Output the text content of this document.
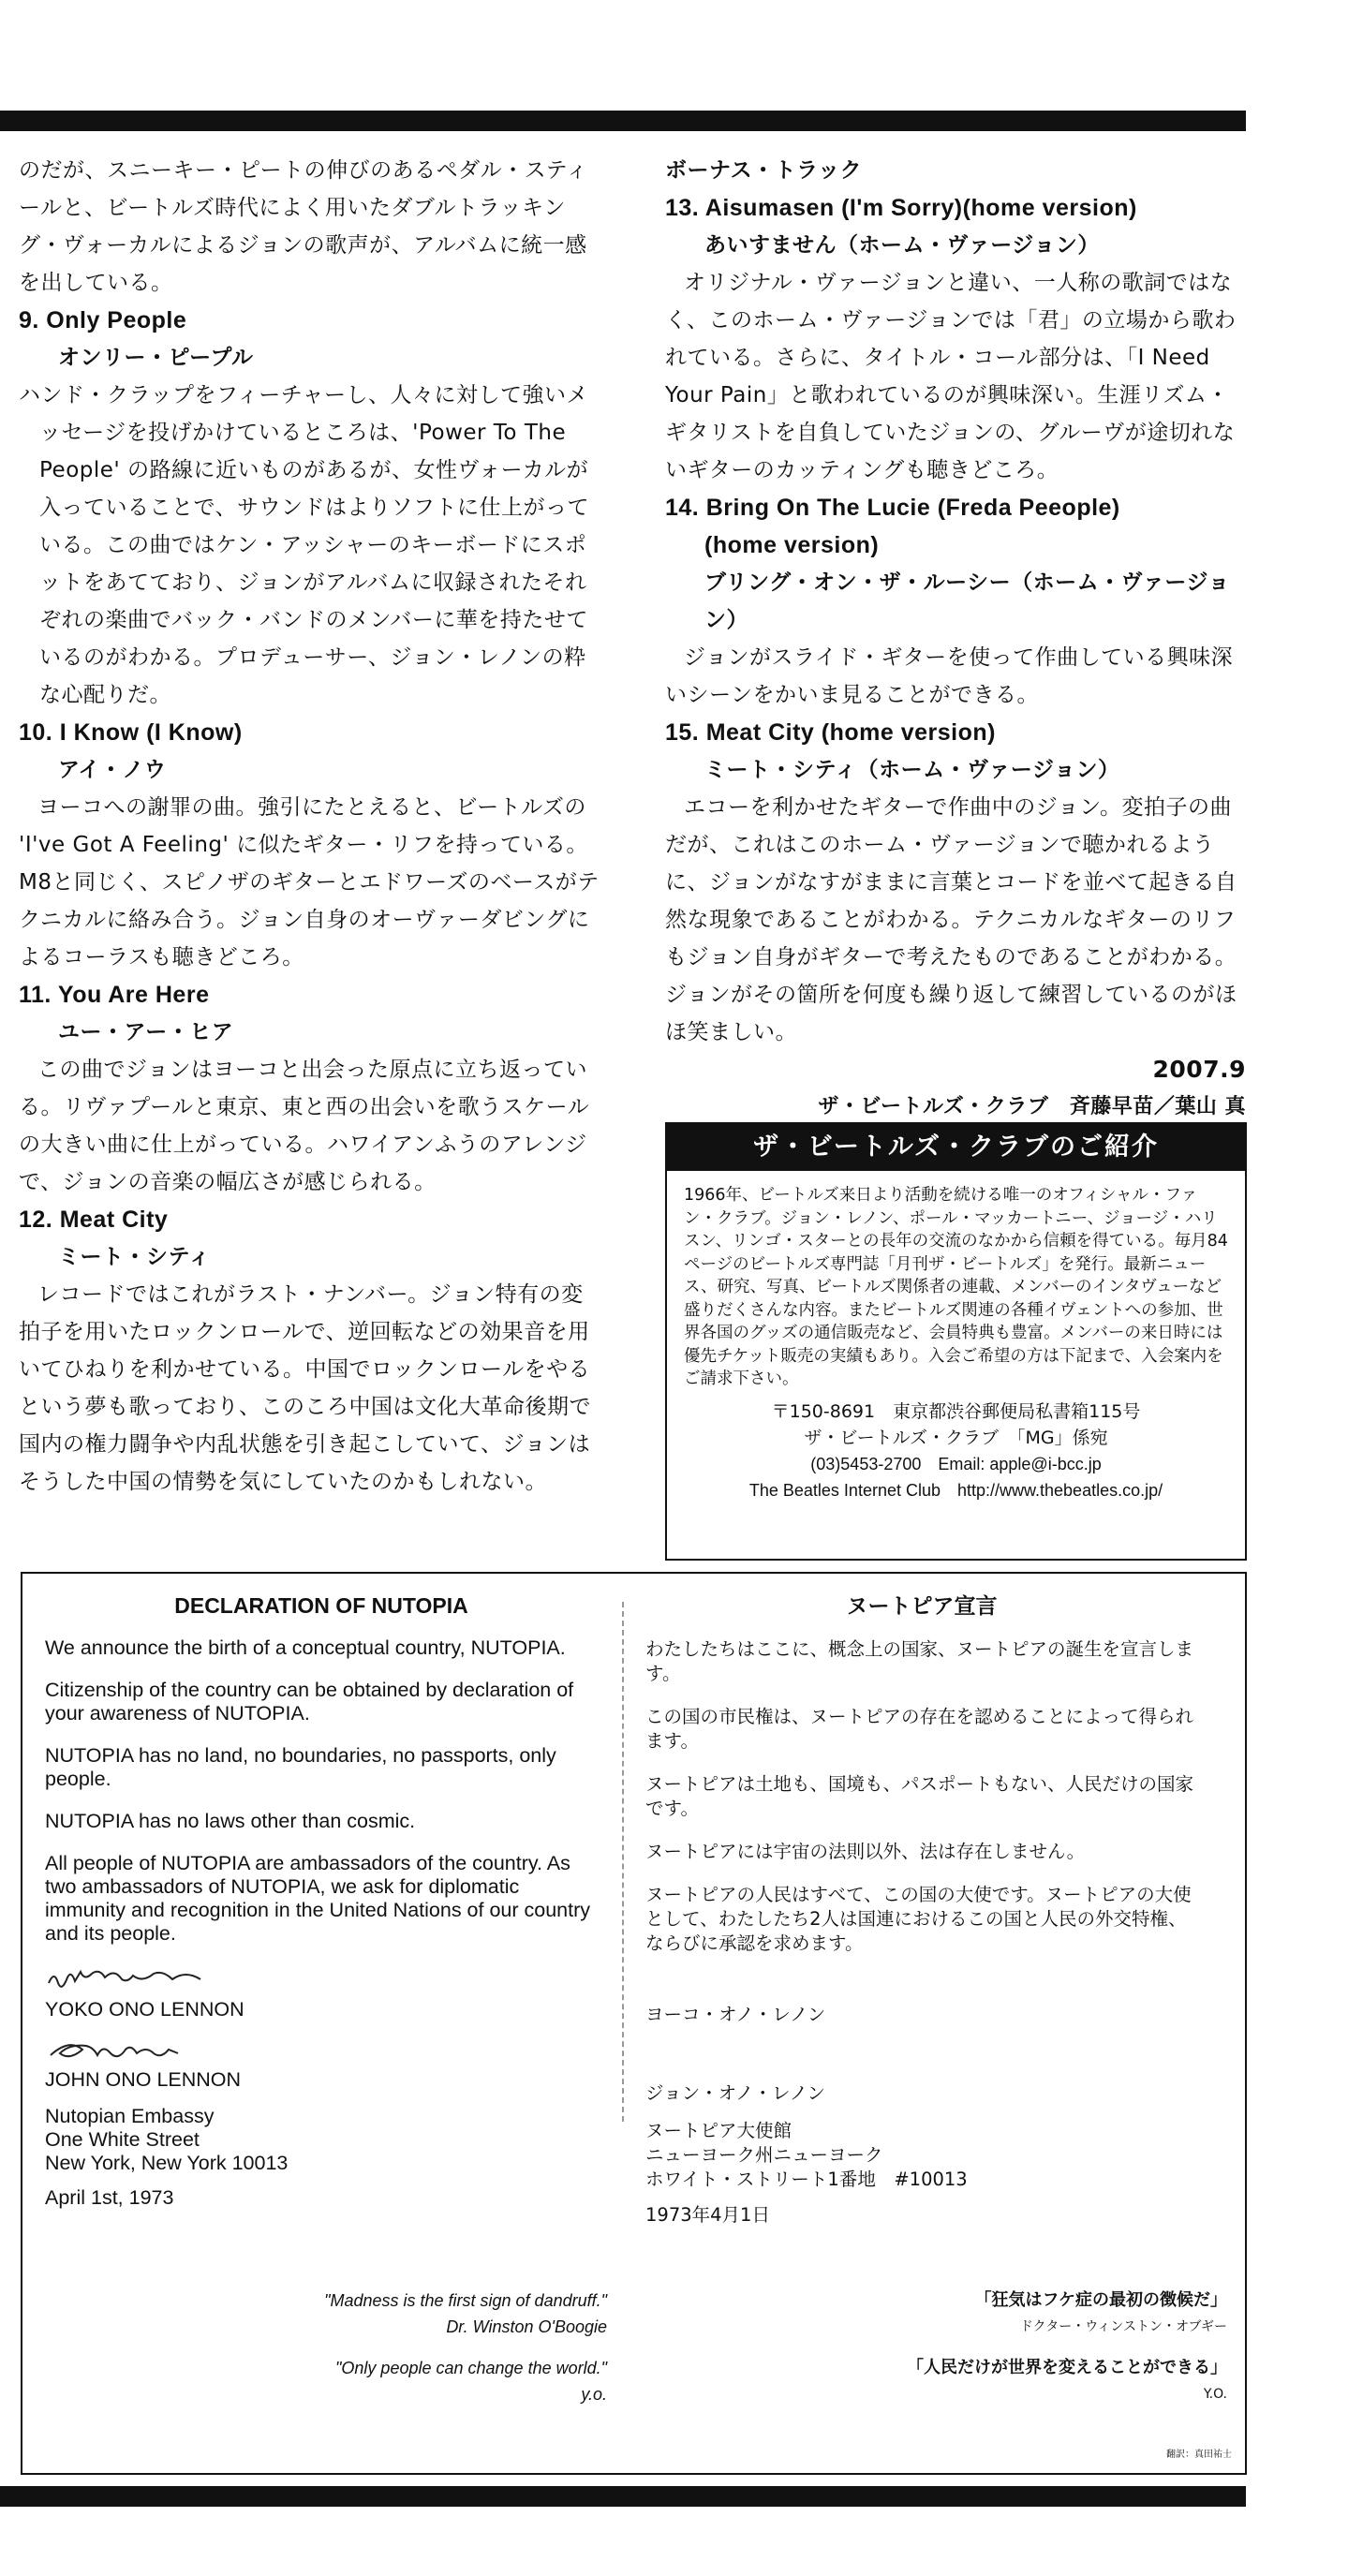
のだが、スニーキー・ピートの伸びのあるペダル・スティールと、ビートルズ時代によく用いたダブルトラッキング・ヴォーカルによるジョンの歌声が、アルバムに統一感を出している。

9. Only People

オンリー・ピープル

ハンド・クラップをフィーチャーし、人々に対して強いメッセージを投げかけているところは、'Power To The People' の路線に近いものがあるが、女性ヴォーカルが入っていることで、サウンドはよりソフトに仕上がっている。この曲ではケン・アッシャーのキーボードにスポットをあてており、ジョンがアルバムに収録されたそれぞれの楽曲でバック・バンドのメンバーに華を持たせているのがわかる。プロデューサー、ジョン・レノンの粋な心配りだ。

10. I Know (I Know)

アイ・ノウ

ヨーコへの謝罪の曲。強引にたとえると、ビートルズの 'I've Got A Feeling' に似たギター・リフを持っている。M8と同じく、スピノザのギターとエドワーズのベースがテクニカルに絡み合う。ジョン自身のオーヴァーダビングによるコーラスも聴きどころ。

11. You Are Here

ユー・アー・ヒア

この曲でジョンはヨーコと出会った原点に立ち返っている。リヴァプールと東京、東と西の出会いを歌うスケールの大きい曲に仕上がっている。ハワイアンふうのアレンジで、ジョンの音楽の幅広さが感じられる。

12. Meat City

ミート・シティ

レコードではこれがラスト・ナンバー。ジョン特有の変拍子を用いたロックンロールで、逆回転などの効果音を用いてひねりを利かせている。中国でロックンロールをやるという夢も歌っており、このころ中国は文化大革命後期で国内の権力闘争や内乱状態を引き起こしていて、ジョンはそうした中国の情勢を気にしていたのかもしれない。

ボーナス・トラック

13. Aisumasen (I'm Sorry)(home version)

あいすません（ホーム・ヴァージョン）

オリジナル・ヴァージョンと違い、一人称の歌詞ではなく、このホーム・ヴァージョンでは「君」の立場から歌われている。さらに、タイトル・コール部分は、「I Need Your Pain」と歌われているのが興味深い。生涯リズム・ギタリストを自負していたジョンの、グルーヴが途切れないギターのカッティングも聴きどころ。

14. Bring On The Lucie (Freda Peeople)

(home version)

ブリング・オン・ザ・ルーシー（ホーム・ヴァージョン）

ジョンがスライド・ギターを使って作曲している興味深いシーンをかいま見ることができる。

15. Meat City (home version)

ミート・シティ（ホーム・ヴァージョン）

エコーを利かせたギターで作曲中のジョン。変拍子の曲だが、これはこのホーム・ヴァージョンで聴かれるように、ジョンがなすがままに言葉とコードを並べて起きる自然な現象であることがわかる。テクニカルなギターのリフもジョン自身がギターで考えたものであることがわかる。ジョンがその箇所を何度も繰り返して練習しているのがほほ笑ましい。

2007.9

ザ・ビートルズ・クラブ　斉藤早苗／葉山 真

ザ・ビートルズ・クラブのご紹介
1966年、ビートルズ来日より活動を続ける唯一のオフィシャル・ファン・クラブ。ジョン・レノン、ポール・マッカートニー、ジョージ・ハリスン、リンゴ・スターとの長年の交流のなかから信頼を得ている。毎月84ページのビートルズ専門誌「月刊ザ・ビートルズ」を発行。最新ニュース、研究、写真、ビートルズ関係者の連載、メンバーのインタヴューなど盛りだくさんな内容。またビートルズ関連の各種イヴェントへの参加、世界各国のグッズの通信販売など、会員特典も豊富。メンバーの来日時には優先チケット販売の実績もあり。入会ご希望の方は下記まで、入会案内をご請求下さい。
〒150-8691　東京都渋谷郵便局私書箱115号
ザ・ビートルズ・クラブ　「MG」係宛
(03)5453-2700　Email: apple@i-bcc.jp
The Beatles Internet Club　http://www.thebeatles.co.jp/
DECLARATION OF NUTOPIA
We announce the birth of a conceptual country, NUTOPIA.
Citizenship of the country can be obtained by declaration of your awareness of NUTOPIA.
NUTOPIA has no land, no boundaries, no passports, only people.
NUTOPIA has no laws other than cosmic.
All people of NUTOPIA are ambassadors of the country. As two ambassadors of NUTOPIA, we ask for diplomatic immunity and recognition in the United Nations of our country and its people.
YOKO ONO LENNON
JOHN ONO LENNON
Nutopian Embassy
One White Street
New York, New York 10013
April 1st, 1973
ヌートピア宣言
わたしたちはここに、概念上の国家、ヌートピアの誕生を宣言します。
この国の市民権は、ヌートピアの存在を認めることによって得られます。
ヌートピアは土地も、国境も、パスポートもない、人民だけの国家です。
ヌートピアには宇宙の法則以外、法は存在しません。
ヌートピアの人民はすべて、この国の大使です。ヌートピアの大使として、わたしたち2人は国連におけるこの国と人民の外交特権、ならびに承認を求めます。
ヨーコ・オノ・レノン
ジョン・オノ・レノン
ヌートピア大使館
ニューヨーク州ニューヨーク
ホワイト・ストリート1番地　#10013
1973年4月1日
"Madness is the first sign of dandruff."
Dr. Winston O'Boogie
"Only people can change the world."
y.o.
「狂気はフケ症の最初の徴候だ」
ドクター・ウィンストン・オブギー
「人民だけが世界を変えることができる」
Y.O.
翻訳：真田祐士
